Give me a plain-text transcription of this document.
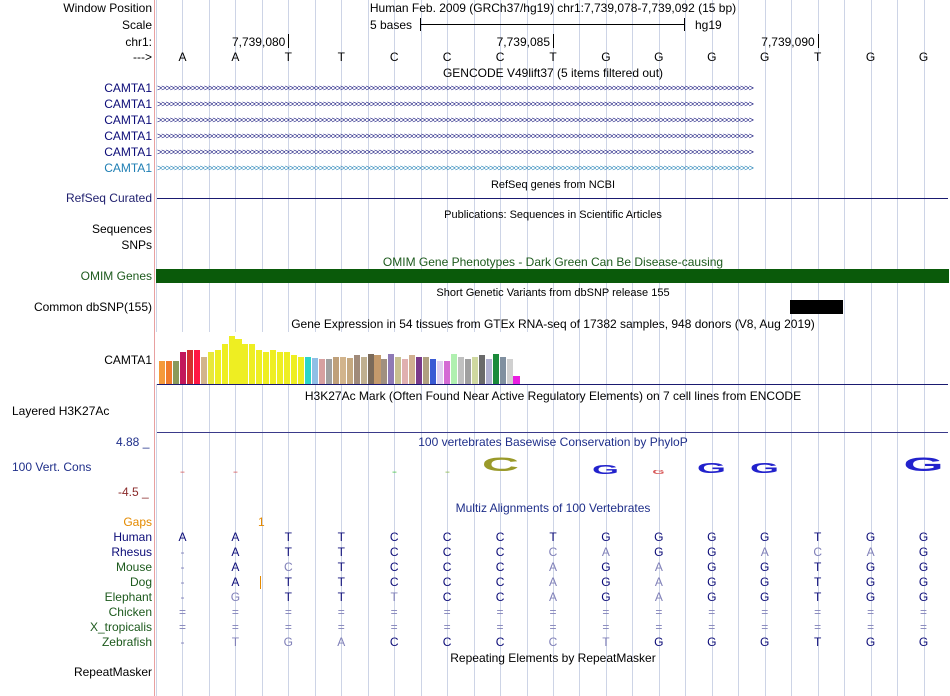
Window Position	Human Feb. 2009 (GRCh37/hg19) chr1:7,739,078-7,739,092 (15 bp)
Scale	5 bases	hg19
chr1:	7,739,080	7,739,085	7,739,090
--->	A	A	T	T	C	C	C	T	G	G	G	G	T	G	G
GENCODE V49lift37 (5 items filtered out)
CAMTA1 >>>>>>>>>>>>>>>>>>>>>>>>>>>>>>>>>>>>>>>>>>>>>>>>>>>>>>>>>>>>>>>>>>>>>>>>>>>>>>>>>>>>>>>>>>>>>>>>>>>>>>>>>>>>>>>>>>>>>>>>>>>>>>>>>>>>>>>>>>>>
CAMTA1 >>>>>>>>>>>>>>>>>>>>>>>>>>>>>>>>>>>>>>>>>>>>>>>>>>>>>>>>>>>>>>>>>>>>>>>>>>>>>>>>>>>>>>>>>>>>>>>>>>>>>>>>>>>>>>>>>>>>>>>>>>>>>>>>>>>>>>>>>>>>
CAMTA1 >>>>>>>>>>>>>>>>>>>>>>>>>>>>>>>>>>>>>>>>>>>>>>>>>>>>>>>>>>>>>>>>>>>>>>>>>>>>>>>>>>>>>>>>>>>>>>>>>>>>>>>>>>>>>>>>>>>>>>>>>>>>>>>>>>>>>>>>>>>>
CAMTA1 >>>>>>>>>>>>>>>>>>>>>>>>>>>>>>>>>>>>>>>>>>>>>>>>>>>>>>>>>>>>>>>>>>>>>>>>>>>>>>>>>>>>>>>>>>>>>>>>>>>>>>>>>>>>>>>>>>>>>>>>>>>>>>>>>>>>>>>>>>>>
CAMTA1 >>>>>>>>>>>>>>>>>>>>>>>>>>>>>>>>>>>>>>>>>>>>>>>>>>>>>>>>>>>>>>>>>>>>>>>>>>>>>>>>>>>>>>>>>>>>>>>>>>>>>>>>>>>>>>>>>>>>>>>>>>>>>>>>>>>>>>>>>>>>
CAMTA1 >>>>>>>>>>>>>>>>>>>>>>>>>>>>>>>>>>>>>>>>>>>>>>>>>>>>>>>>>>>>>>>>>>>>>>>>>>>>>>>>>>>>>>>>>>>>>>>>>>>>>>>>>>>>>>>>>>>>>>>>>>>>>>>>>>>>>>>>>>>>
RefSeq genes from NCBI
RefSeq Curated
Publications: Sequences in Scientific Articles
Sequences
SNPs
OMIM Gene Phenotypes - Dark Green Can Be Disease-causing
OMIM Genes
Short Genetic Variants from dbSNP release 155
Common dbSNP(155)
Gene Expression in 54 tissues from GTEx RNA-seq of 17382 samples, 948 donors (V8, Aug 2019)
CAMTA1
H3K27Ac Mark (Often Found Near Active Regulatory Elements) on 7 cell lines from ENCODE
Layered H3K27Ac
100 vertebrates Basewise Conservation by PhyloP
4.88 _
100 Vert. Cons
-4.5 _
-	-	-	-	C	G	G	G	G	G
Multiz Alignments of 100 Vertebrates
Gaps	1
Human	A	A	T	T	C	C	C	T	G	G	G	G	T	G	G
Rhesus	-	A	T	T	C	C	C	C	A	G	G	A	C	A	G
Mouse	-	A	C	T	C	C	C	A	G	A	G	G	T	G	G
Dog	-	A	T	T	C	C	C	A	G	A	G	G	T	G	G
Elephant	-	G	T	T	T	C	C	A	G	A	G	G	T	G	G
Chicken	=	=	=	=	=	=	=	=	=	=	=	=	=	=	=
X_tropicalis	=	=	=	=	=	=	=	=	=	=	=	=	=	=	=
Zebrafish	-	T	G	A	C	C	C	C	T	G	G	G	T	G	G
Repeating Elements by RepeatMasker
RepeatMasker
